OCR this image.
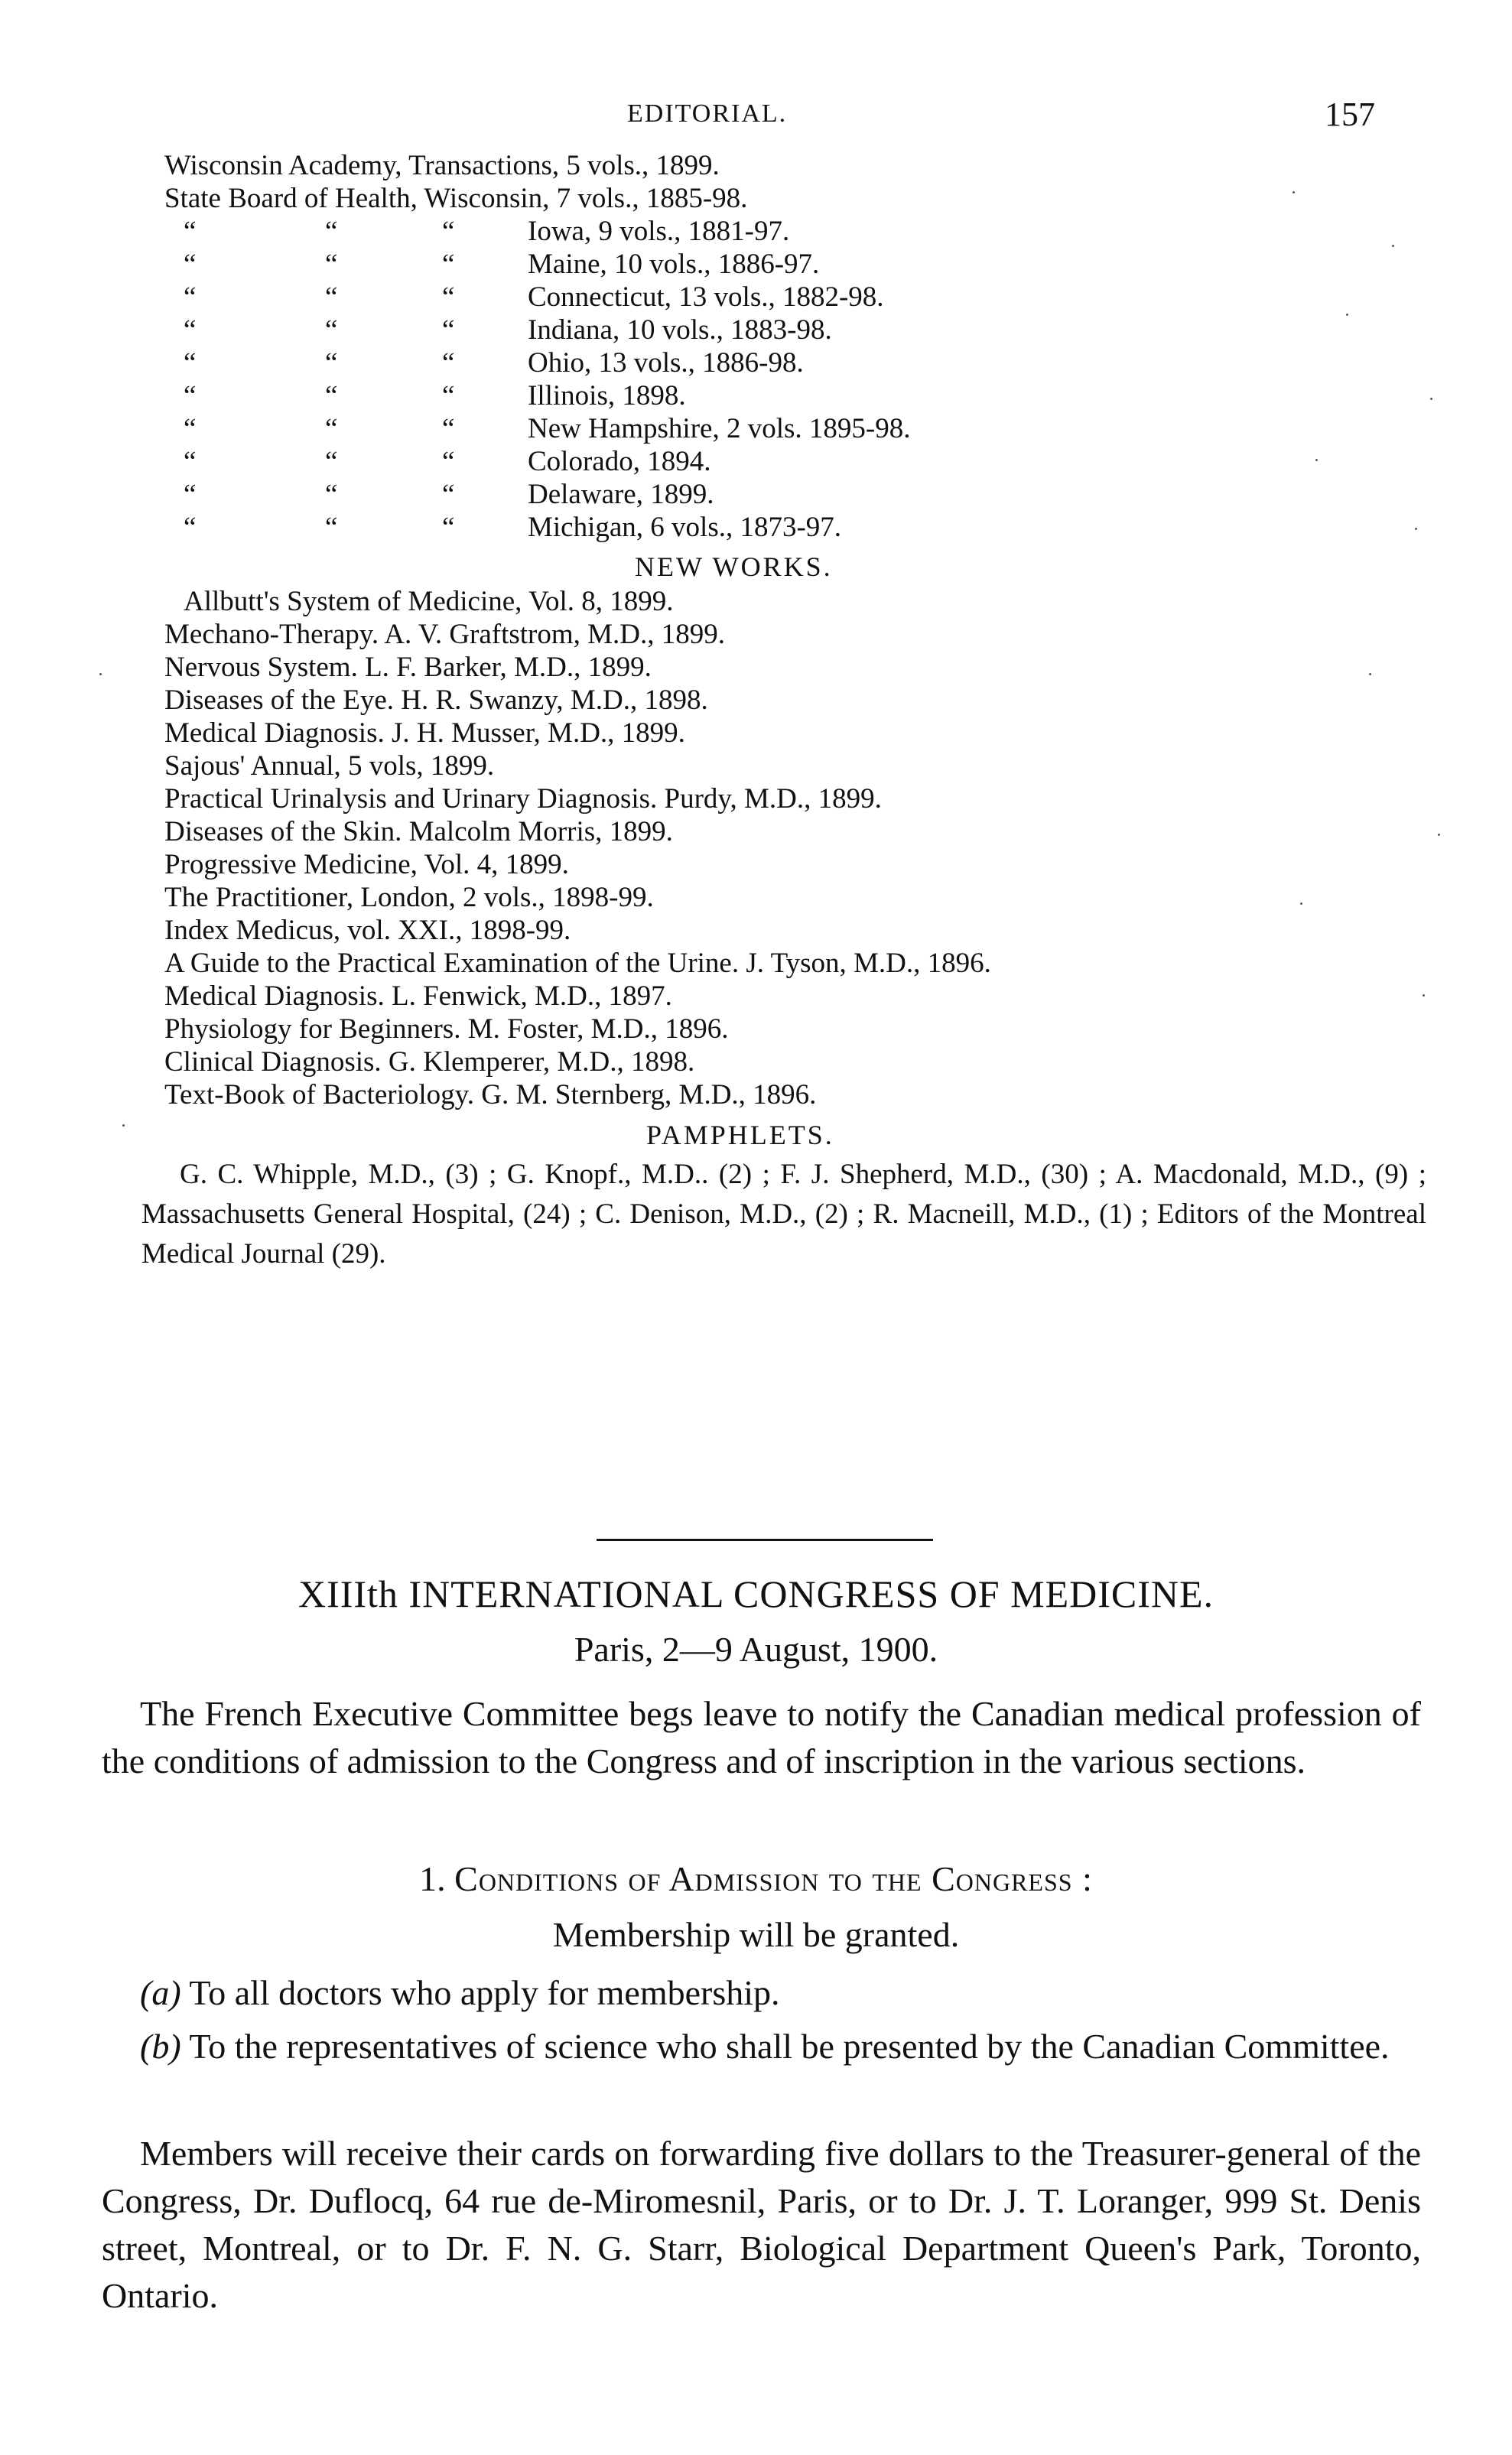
EDITORIAL.	157
Wisconsin Academy, Transactions, 5 vols., 1899.
State Board of Health, Wisconsin, 7 vols., 1885-98.
“	“	“	Iowa, 9 vols., 1881-97.
“	“	“	Maine, 10 vols., 1886-97.
“	“	“	Connecticut, 13 vols., 1882-98.
“	“	“	Indiana, 10 vols., 1883-98.
“	“	“	Ohio, 13 vols., 1886-98.
“	“	“	Illinois, 1898.
“	“	“	New Hampshire, 2 vols. 1895-98.
“	“	“	Colorado, 1894.
“	“	“	Delaware, 1899.
“	“	“	Michigan, 6 vols., 1873-97.
NEW WORKS.
Allbutt's System of Medicine, Vol. 8, 1899.
Mechano-Therapy. A. V. Graftstrom, M.D., 1899.
Nervous System. L. F. Barker, M.D., 1899.
Diseases of the Eye. H. R. Swanzy, M.D., 1898.
Medical Diagnosis. J. H. Musser, M.D., 1899.
Sajous' Annual, 5 vols, 1899.
Practical Urinalysis and Urinary Diagnosis. Purdy, M.D., 1899.
Diseases of the Skin. Malcolm Morris, 1899.
Progressive Medicine, Vol. 4, 1899.
The Practitioner, London, 2 vols., 1898-99.
Index Medicus, vol. XXI., 1898-99.
A Guide to the Practical Examination of the Urine. J. Tyson, M.D., 1896.
Medical Diagnosis. L. Fenwick, M.D., 1897.
Physiology for Beginners. M. Foster, M.D., 1896.
Clinical Diagnosis. G. Klemperer, M.D., 1898.
Text-Book of Bacteriology. G. M. Sternberg, M.D., 1896.
PAMPHLETS.
G. C. Whipple, M.D., (3) ; G. Knopf., M.D.. (2) ; F. J. Shepherd, M.D., (30) ; A. Macdonald, M.D., (9) ; Massachusetts General Hospital, (24) ; C. Denison, M.D., (2) ; R. Macneill, M.D., (1) ; Editors of the Montreal Medical Journal (29).
XIIIth INTERNATIONAL CONGRESS OF MEDICINE.
Paris, 2—9 August, 1900.
The French Executive Committee begs leave to notify the Canadian medical profession of the conditions of admission to the Congress and of inscription in the various sections.
1. Conditions of Admission to the Congress :
Membership will be granted.
(a) To all doctors who apply for membership.
(b) To the representatives of science who shall be presented by the Canadian Committee.
Members will receive their cards on forwarding five dollars to the Treasurer-general of the Congress, Dr. Duflocq, 64 rue de-Miromesnil, Paris, or to Dr. J. T. Loranger, 999 St. Denis street, Montreal, or to Dr. F. N. G. Starr, Biological Department Queen's Park, Toronto, Ontario.
